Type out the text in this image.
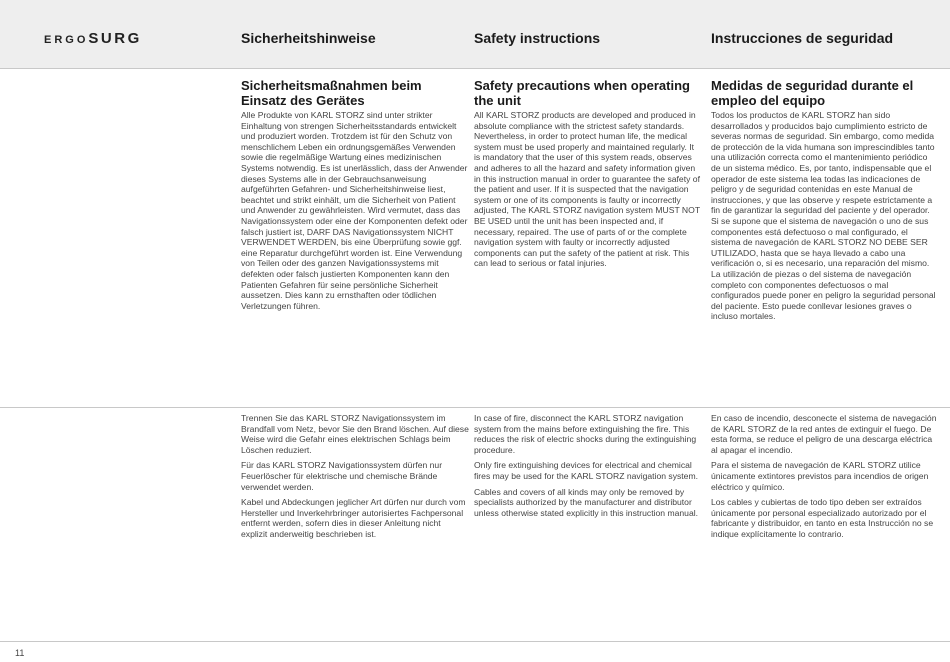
ERGOSURG	Sicherheitshinweise	Safety instructions	Instrucciones de seguridad
Sicherheitsmaßnahmen beim Einsatz des Gerätes
Alle Produkte von KARL STORZ sind unter strikter Einhaltung von strengen Sicherheitsstandards entwickelt und produziert worden. Trotzdem ist für den Schutz von menschlichem Leben ein ordnungsgemäßes Verwenden sowie die regelmäßige Wartung eines medizinischen Systems notwendig. Es ist unerlässlich, dass der Anwender dieses Systems alle in der Gebrauchsanweisung aufgeführten Gefahren- und Sicherheitshinweise liest, beachtet und strikt einhält, um die Sicherheit von Patient und Anwender zu gewährleisten. Wird vermutet, dass das Navigationssystem oder eine der Komponenten defekt oder falsch justiert ist, DARF DAS Navigationssystem NICHT VERWENDET WERDEN, bis eine Überprüfung sowie ggf. eine Reparatur durchgeführt worden ist. Eine Verwendung von Teilen oder des ganzen Navigationssystems mit defekten oder falsch justierten Komponenten kann den Patienten Gefahren für seine persönliche Sicherheit aussetzen. Dies kann zu ernsthaften oder tödlichen Verletzungen führen.
Safety precautions when operating the unit
All KARL STORZ products are developed and produced in absolute compliance with the strictest safety standards. Nevertheless, in order to protect human life, the medical system must be used properly and maintained regularly. It is mandatory that the user of this system reads, observes and adheres to all the hazard and safety information given in this instruction manual in order to guarantee the safety of the patient and user. If it is suspected that the navigation system or one of its components is faulty or incorrectly adjusted, The KARL STORZ navigation system MUST NOT BE USED until the unit has been inspected and, if necessary, repaired. The use of parts of or the complete navigation system with faulty or incorrectly adjusted components can put the safety of the patient at risk. This can lead to serious or fatal injuries.
Medidas de seguridad durante el empleo del equipo
Todos los productos de KARL STORZ han sido desarrollados y producidos bajo cumplimiento estricto de severas normas de seguridad. Sin embargo, como medida de protección de la vida humana son imprescindibles tanto una utilización correcta como el mantenimiento periódico de un sistema médico. Es, por tanto, indispensable que el operador de este sistema lea todas las indicaciones de peligro y de seguridad contenidas en este Manual de instrucciones, y que las observe y respete estrictamente a fin de garantizar la seguridad del paciente y del operador. Si se supone que el sistema de navegación o uno de sus componentes está defectuoso o mal configurado, el sistema de navegación de KARL STORZ NO DEBE SER UTILIZADO, hasta que se haya llevado a cabo una verificación o, si es necesario, una reparación del mismo. La utilización de piezas o del sistema de navegación completo con componentes defectuosos o mal configurados puede poner en peligro la seguridad personal del paciente. Esto puede conllevar lesiones graves o incluso mortales.

Trennen Sie das KARL STORZ Navigationssystem im Brandfall vom Netz, bevor Sie den Brand löschen. Auf diese Weise wird die Gefahr eines elektrischen Schlags beim Löschen reduziert.

Für das KARL STORZ Navigationssystem dürfen nur Feuerlöscher für elektrische und chemische Brände verwendet werden.

Kabel und Abdeckungen jeglicher Art dürfen nur durch vom Hersteller und Inverkehrbringer autorisiertes Fachpersonal entfernt werden, sofern dies in dieser Anleitung nicht explizit anderweitig beschrieben ist.

In case of fire, disconnect the KARL STORZ navigation system from the mains before extinguishing the fire. This reduces the risk of electric shocks during the extinguishing procedure.

Only fire extinguishing devices for electrical and chemical fires may be used for the KARL STORZ navigation system.

Cables and covers of all kinds may only be removed by specialists authorized by the manufacturer and distributor unless otherwise stated explicitly in this instruction manual.

En caso de incendio, desconecte el sistema de navegación de KARL STORZ de la red antes de extinguir el fuego. De esta forma, se reduce el peligro de una descarga eléctrica al apagar el incendio.

Para el sistema de navegación de KARL STORZ utilice únicamente extintores previstos para incendios de origen eléctrico y químico.

Los cables y cubiertas de todo tipo deben ser extraídos únicamente por personal especializado autorizado por el fabricante y distribuidor, en tanto en esta Instrucción no se indique explícitamente lo contrario.

11
